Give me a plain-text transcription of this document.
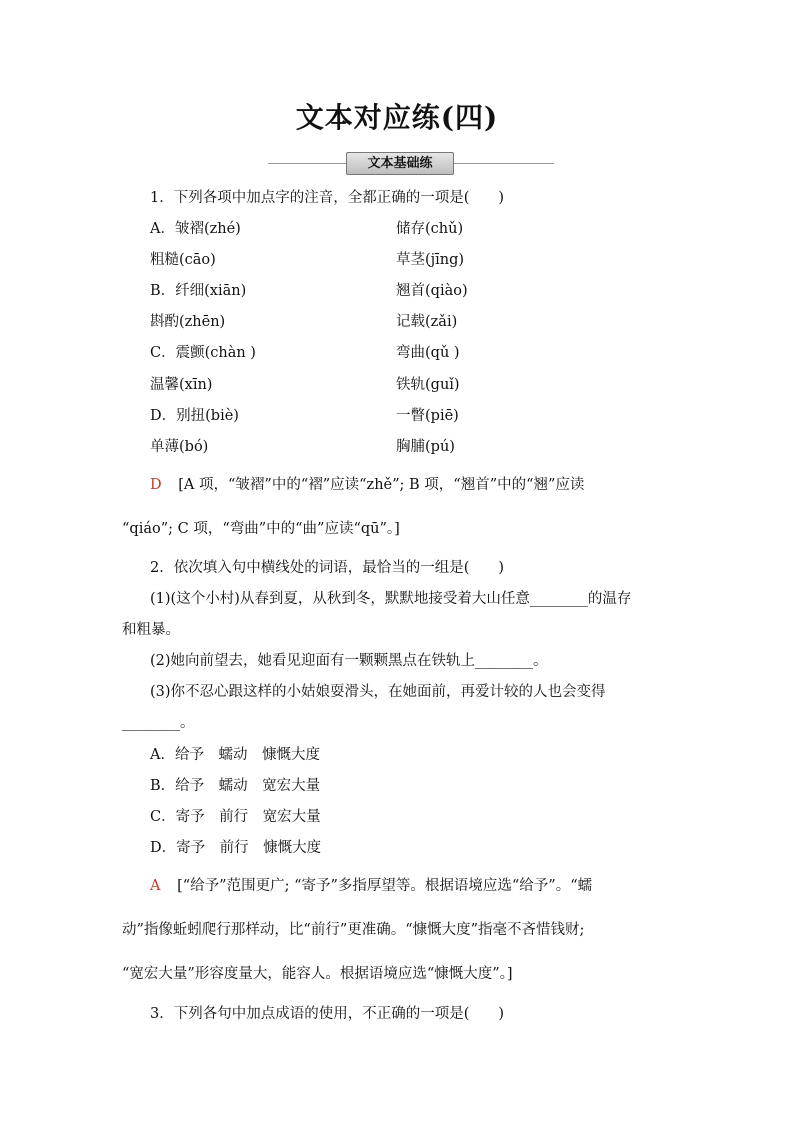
文本对应练(四)
文本基础练
1．下列各项中加点字的注音，全都正确的一项是(　　)
A．皱褶(zhé)	储存(chǔ)
粗糙(cāo)	草茎(jīng)
B．纤细(xiān)	翘首(qiào)
斟酌(zhēn)	记载(zǎi)
C．震颤(chàn )	弯曲(qǔ )
温馨(xīn)	铁轨(guǐ)
D．别扭(biè)	一瞥(piē)
单薄(bó)	胸脯(pú)
D [A 项，“皱褶”中的“褶”应读“zhě”; B 项，“翘首”中的“翘”应读
“qiáo”; C 项，“弯曲”中的“曲”应读“qū”。]
2．依次填入句中横线处的词语，最恰当的一组是(　　)
(1)(这个小村)从春到夏，从秋到冬，默默地接受着大山任意________的温存
和粗暴。
(2)她向前望去，她看见迎面有一颗颗黑点在铁轨上________。
(3)你不忍心跟这样的小姑娘耍滑头，在她面前，再爱计较的人也会变得
________。
A．给予　蠕动　慷慨大度
B．给予　蠕动　宽宏大量
C．寄予　前行　宽宏大量
D．寄予　前行　慷慨大度
A [“给予”范围更广; “寄予”多指厚望等。根据语境应选“给予”。“蠕
动”指像蚯蚓爬行那样动，比“前行”更准确。“慷慨大度”指毫不吝惜钱财;
“宽宏大量”形容度量大，能容人。根据语境应选“慷慨大度”。]
3．下列各句中加点成语的使用，不正确的一项是(　　)
